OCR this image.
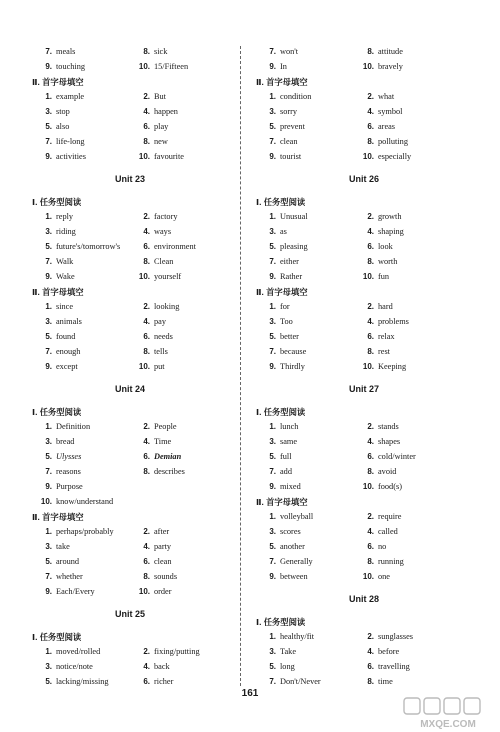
7. meals	8. sick
9. touching	10. 15/Fifteen
Ⅱ. 首字母填空
1. example	2. But
3. stop	4. happen
5. also	6. play
7. life-long	8. new
9. activities	10. favourite
Unit 23
Ⅰ. 任务型阅读
1. reply	2. factory
3. riding	4. ways
5. future's/tomorrow's	6. environment
7. Walk	8. Clean
9. Wake	10. yourself
Ⅱ. 首字母填空
1. since	2. looking
3. animals	4. pay
5. found	6. needs
7. enough	8. tells
9. except	10. put
Unit 24
Ⅰ. 任务型阅读
1. Definition	2. People
3. bread	4. Time
5. Ulysses	6. Demian
7. reasons	8. describes
9. Purpose
10. know/understand
Ⅱ. 首字母填空
1. perhaps/probably	2. after
3. take	4. party
5. around	6. clean
7. whether	8. sounds
9. Each/Every	10. order
Unit 25
Ⅰ. 任务型阅读
1. moved/rolled	2. fixing/putting
3. notice/note	4. back
5. lacking/missing	6. richer
7. won't	8. attitude
9. In	10. bravely
Ⅱ. 首字母填空
1. condition	2. what
3. sorry	4. symbol
5. prevent	6. areas
7. clean	8. polluting
9. tourist	10. especially
Unit 26
Ⅰ. 任务型阅读
1. Unusual	2. growth
3. as	4. shaping
5. pleasing	6. look
7. either	8. worth
9. Rather	10. fun
Ⅱ. 首字母填空
1. for	2. hard
3. Too	4. problems
5. better	6. relax
7. because	8. rest
9. Thirdly	10. Keeping
Unit 27
Ⅰ. 任务型阅读
1. lunch	2. stands
3. same	4. shapes
5. full	6. cold/winter
7. add	8. avoid
9. mixed	10. food(s)
Ⅱ. 首字母填空
1. volleyball	2. require
3. scores	4. called
5. another	6. no
7. Generally	8. running
9. between	10. one
Unit 28
Ⅰ. 任务型阅读
1. healthy/fit	2. sunglasses
3. Take	4. before
5. long	6. travelling
7. Don't/Never	8. time
161
MXQE.COM
